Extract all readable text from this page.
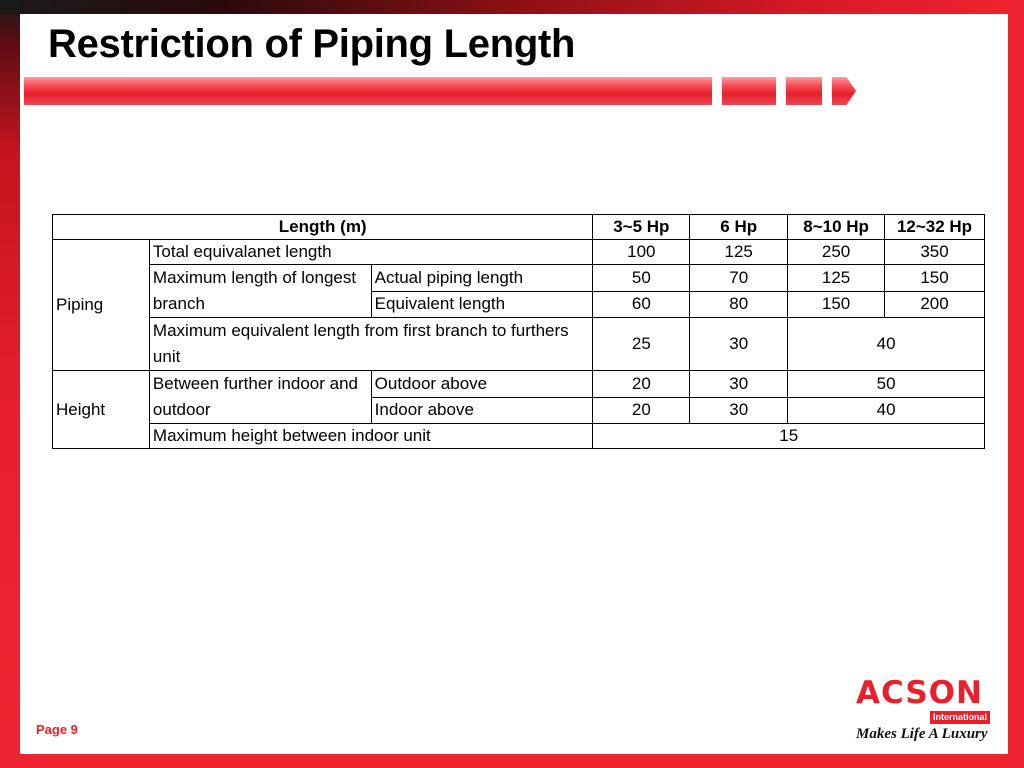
Restriction of Piping Length
Length (m)			3~5 Hp	6 Hp	8~10 Hp	12~32 Hp
Piping	Total equivalanet length		100	125	250	350
	Maximum length of longest branch	Actual piping length	50	70	125	150
		Equivalent length	60	80	150	200
	Maximum equivalent length from first branch to furthers unit		25	30	40	

Height	Between further indoor and outdoor	Outdoor above	20	30	50	
		Indoor above	20	30	40	
	Maximum height between indoor unit		15			
Page 9
ACSON
International
Makes Life A Luxury
